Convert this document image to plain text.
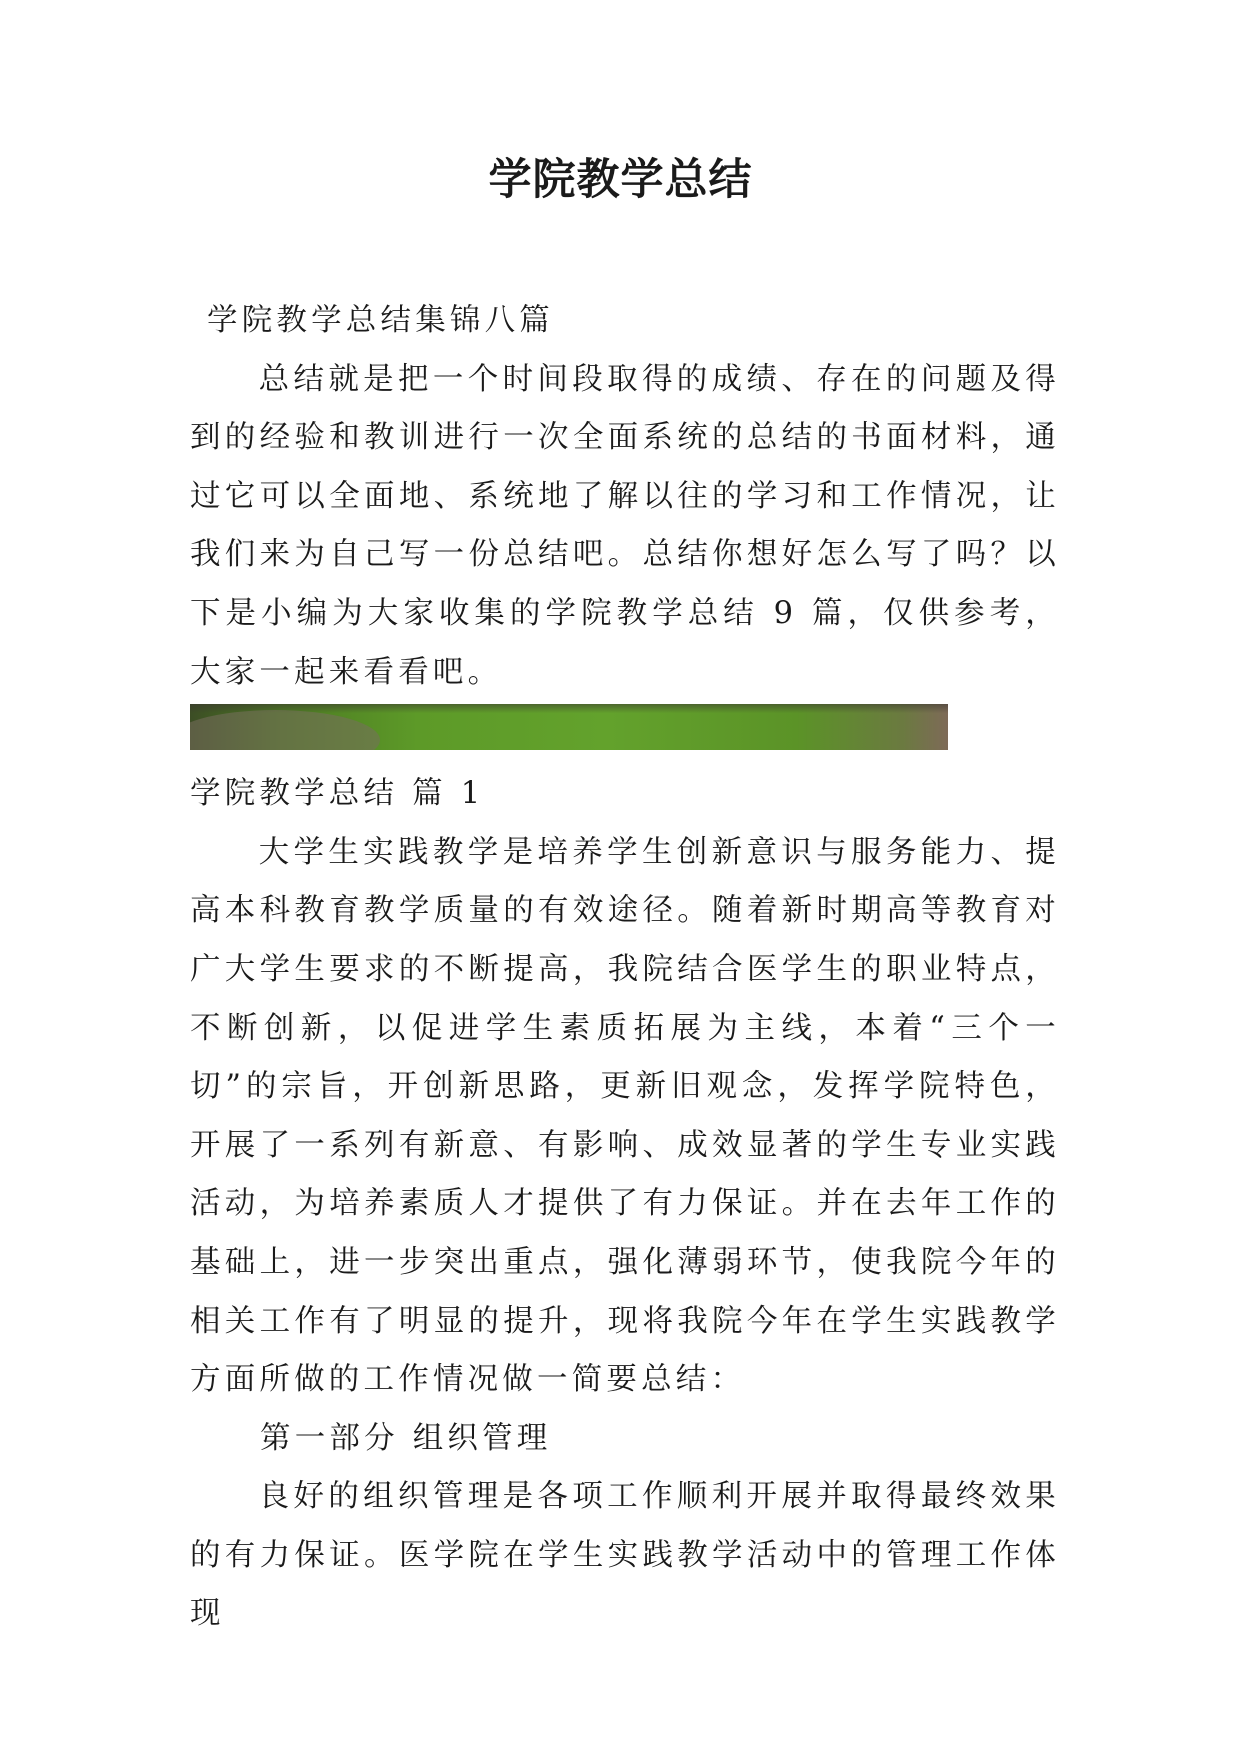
学院教学总结

学院教学总结集锦八篇

总结就是把一个时间段取得的成绩、存在的问题及得到的经验和教训进行一次全面系统的总结的书面材料，通过它可以全面地、系统地了解以往的学习和工作情况，让我们来为自己写一份总结吧。总结你想好怎么写了吗？以下是小编为大家收集的学院教学总结 9 篇，仅供参考，大家一起来看看吧。

学院教学总结 篇 1

大学生实践教学是培养学生创新意识与服务能力、提高本科教育教学质量的有效途径。随着新时期高等教育对广大学生要求的不断提高，我院结合医学生的职业特点，不断创新，以促进学生素质拓展为主线，本着“三个一切”的宗旨，开创新思路，更新旧观念，发挥学院特色，开展了一系列有新意、有影响、成效显著的学生专业实践活动，为培养素质人才提供了有力保证。并在去年工作的基础上，进一步突出重点，强化薄弱环节，使我院今年的相关工作有了明显的提升，现将我院今年在学生实践教学方面所做的工作情况做一简要总结：

第一部分 组织管理

良好的组织管理是各项工作顺利开展并取得最终效果的有力保证。医学院在学生实践教学活动中的管理工作体现
